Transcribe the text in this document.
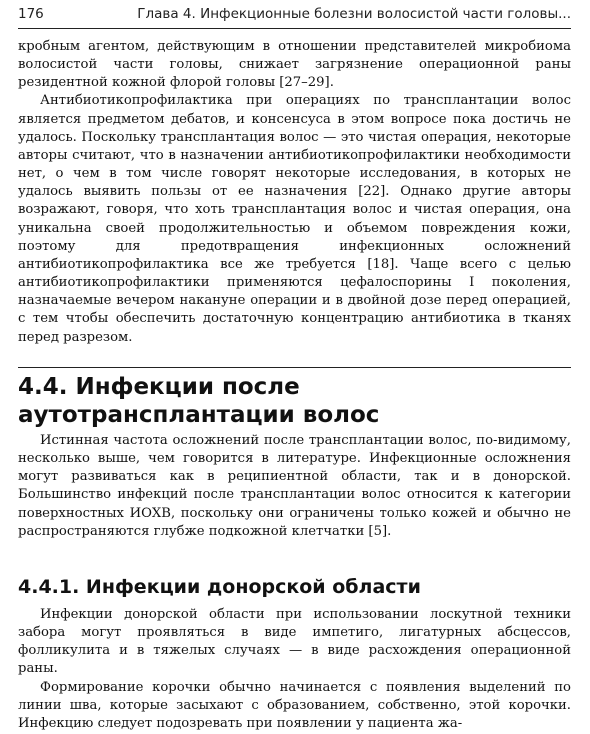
176	Глава 4. Инфекционные болезни волосистой части головы...

кробным агентом, действующим в отношении представителей микробиома волосистой части головы, снижает загрязнение операционной раны резидентной кожной флорой головы [27–29].

Антибиотикопрофилактика при операциях по трансплантации волос является предметом дебатов, и консенсуса в этом вопросе пока достичь не удалось. Поскольку трансплантация волос — это чистая операция, некоторые авторы считают, что в назначении антибиотикопрофилактики необходимости нет, о чем в том числе говорят некоторые исследования, в которых не удалось выявить пользы от ее назначения [22]. Однако другие авторы возражают, говоря, что хоть трансплантация волос и чистая операция, она уникальна своей продолжительностью и объемом повреждения кожи, поэтому для предотвращения инфекционных осложнений антибиотикопрофилактика все же требуется [18]. Чаще всего с целью антибиотикопрофилактики применяются цефалоспорины I поколения, назначаемые вечером накануне операции и в двойной дозе перед операцией, с тем чтобы обеспечить достаточную концентрацию антибиотика в тканях перед разрезом.

4.4. Инфекции после аутотрансплантации волос

Истинная частота осложнений после трансплантации волос, по-видимому, несколько выше, чем говорится в литературе. Инфекционные осложнения могут развиваться как в реципиентной области, так и в донорской. Большинство инфекций после трансплантации волос относится к категории поверхностных ИОХВ, поскольку они ограничены только кожей и обычно не распространяются глубже подкожной клетчатки [5].

4.4.1. Инфекции донорской области

Инфекции донорской области при использовании лоскутной техники забора могут проявляться в виде импетиго, лигатурных абсцессов, фолликулита и в тяжелых случаях — в виде расхождения операционной раны.

Формирование корочки обычно начинается с появления выделений по линии шва, которые засыхают с образованием, собственно, этой корочки. Инфекцию следует подозревать при появлении у пациента жа-
